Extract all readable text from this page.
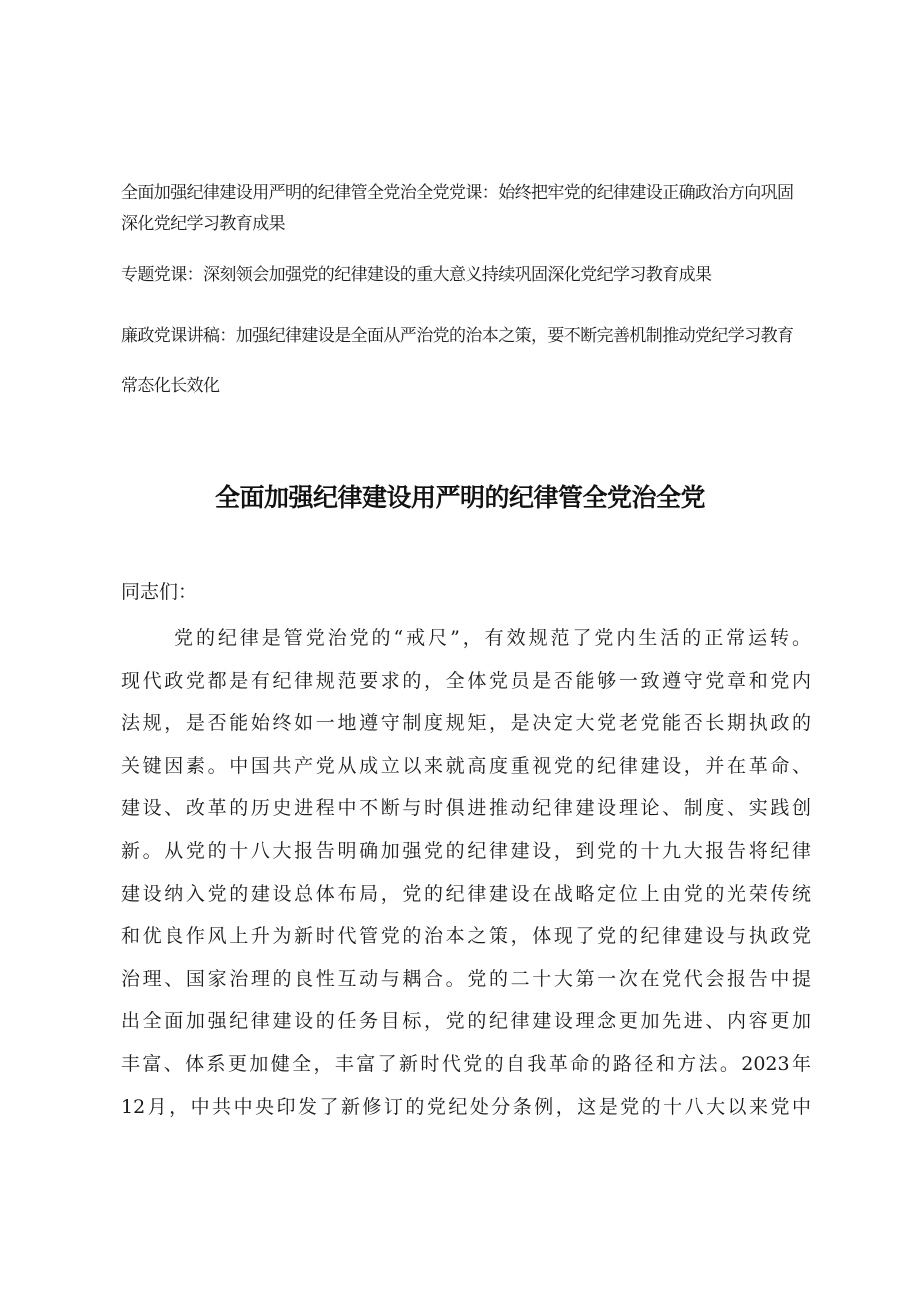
全面加强纪律建设用严明的纪律管全党治全党党课：始终把牢党的纪律建设正确政治方向巩固
深化党纪学习教育成果
专题党课：深刻领会加强党的纪律建设的重大意义持续巩固深化党纪学习教育成果
廉政党课讲稿：加强纪律建设是全面从严治党的治本之策，要不断完善机制推动党纪学习教育
常态化长效化
全面加强纪律建设用严明的纪律管全党治全党

同志们：

党的纪律是管党治党的“戒尺”，有效规范了党内生活的正常运转。
现代政党都是有纪律规范要求的，全体党员是否能够一致遵守党章和党内
法规，是否能始终如一地遵守制度规矩，是决定大党老党能否长期执政的
关键因素。中国共产党从成立以来就高度重视党的纪律建设，并在革命、
建设、改革的历史进程中不断与时俱进推动纪律建设理论、制度、实践创
新。从党的十八大报告明确加强党的纪律建设，到党的十九大报告将纪律
建设纳入党的建设总体布局，党的纪律建设在战略定位上由党的光荣传统
和优良作风上升为新时代管党的治本之策，体现了党的纪律建设与执政党
治理、国家治理的良性互动与耦合。党的二十大第一次在党代会报告中提
出全面加强纪律建设的任务目标，党的纪律建设理念更加先进、内容更加
丰富、体系更加健全，丰富了新时代党的自我革命的路径和方法。2023年
12月，中共中央印发了新修订的党纪处分条例，这是党的十八大以来党中
